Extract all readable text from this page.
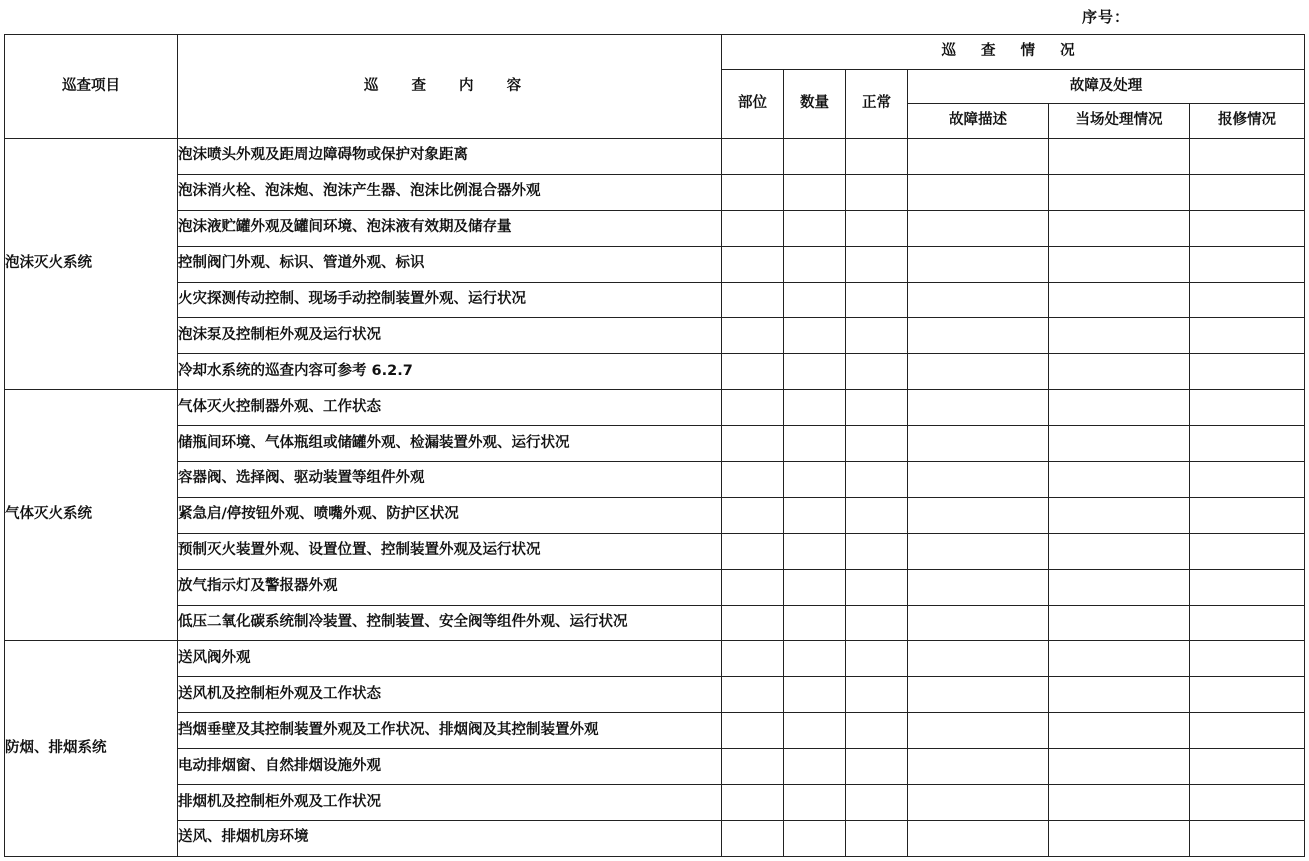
序号：
巡查项目	巡 查 内 容	巡 查 情 况					
		部位	数量	正常	故障及处理		
					故障描述	当场处理情况	报修情况
泡沫灭火系统	泡沫喷头外观及距周边障碍物或保护对象距离						
	泡沫消火栓、泡沫炮、泡沫产生器、泡沫比例混合器外观						
	泡沫液贮罐外观及罐间环境、泡沫液有效期及储存量						
	控制阀门外观、标识、管道外观、标识						
	火灾探测传动控制、现场手动控制装置外观、运行状况						
	泡沫泵及控制柜外观及运行状况						
	冷却水系统的巡查内容可参考 6.2.7						
气体灭火系统	气体灭火控制器外观、工作状态						
	储瓶间环境、气体瓶组或储罐外观、检漏装置外观、运行状况						
	容器阀、选择阀、驱动装置等组件外观						
	紧急启/停按钮外观、喷嘴外观、防护区状况						
	预制灭火装置外观、设置位置、控制装置外观及运行状况						
	放气指示灯及警报器外观						
	低压二氧化碳系统制冷装置、控制装置、安全阀等组件外观、运行状况						
防烟、排烟系统	送风阀外观						
	送风机及控制柜外观及工作状态						
	挡烟垂壁及其控制装置外观及工作状况、排烟阀及其控制装置外观						
	电动排烟窗、自然排烟设施外观						
	排烟机及控制柜外观及工作状况						
	送风、排烟机房环境						
